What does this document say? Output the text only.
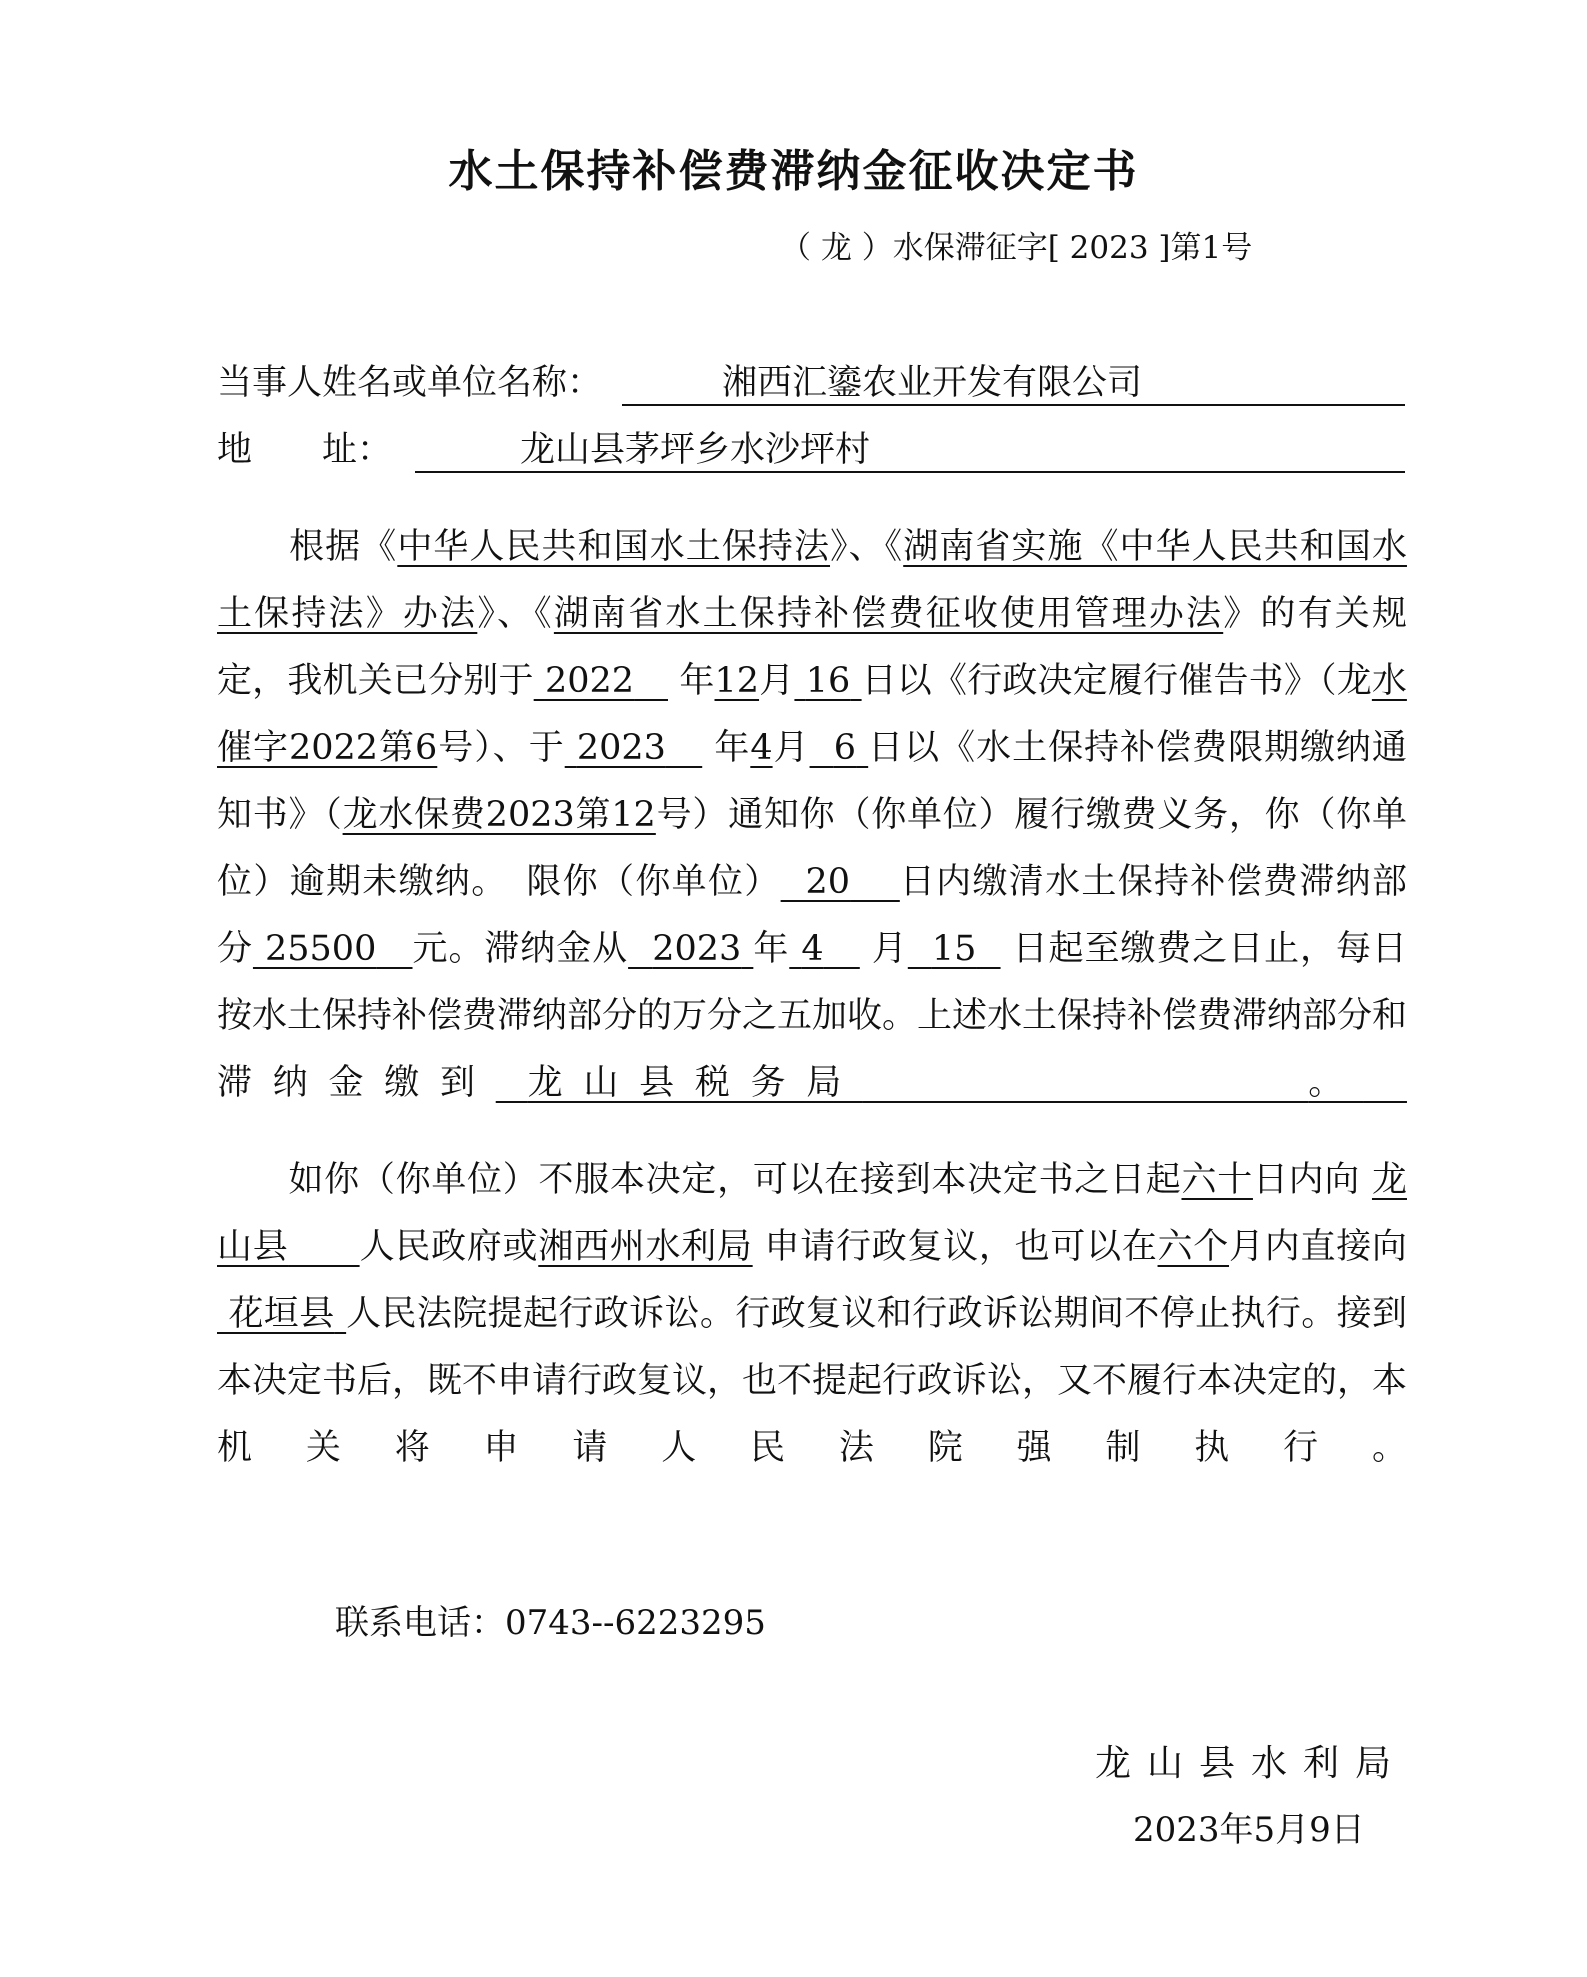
水土保持补偿费滞纳金征收决定书
（ 龙 ）水保滞征字[ 2023 ]第1号
当事人姓名或单位名称：	湘西汇鎏农业开发有限公司
地　　址：	龙山县茅坪乡水沙坪村

　　根据《中华人民共和国水土保持法》、《湖南省实施《中华人民共和国水土保持法》办法》、《湖南省水土保持补偿费征收使用管理办法》的有关规定，我机关已分别于 2022 年12月 16 日以《行政决定履行催告书》（龙水催字2022第6号）、于 2023 年4月 6 日以《水土保持补偿费限期缴纳通知书》（龙水保费2023第12号）通知你（你单位）履行缴费义务，你（你单位）逾期未缴纳。　限你（你单位） 20 日内缴清水土保持补偿费滞纳部分 25500 元。滞纳金从 2023 年 4 月 15 日起至缴费之日止，每日按水土保持补偿费滞纳部分的万分之五加收。上述水土保持补偿费滞纳部分和滞纳金缴到 龙山县税务局	。

　　如你（你单位）不服本决定，可以在接到本决定书之日起六十日内向 龙山县 人民政府或湘西州水利局 申请行政复议，也可以在六个月内直接向  花垣县 人民法院提起行政诉讼。行政复议和行政诉讼期间不停止执行。接到本决定书后，既不申请行政复议，也不提起行政诉讼，又不履行本决定的，本机关将申请人民法院强制执行。

联系电话：0743--6223295
龙山县水利局
2023年5月9日
